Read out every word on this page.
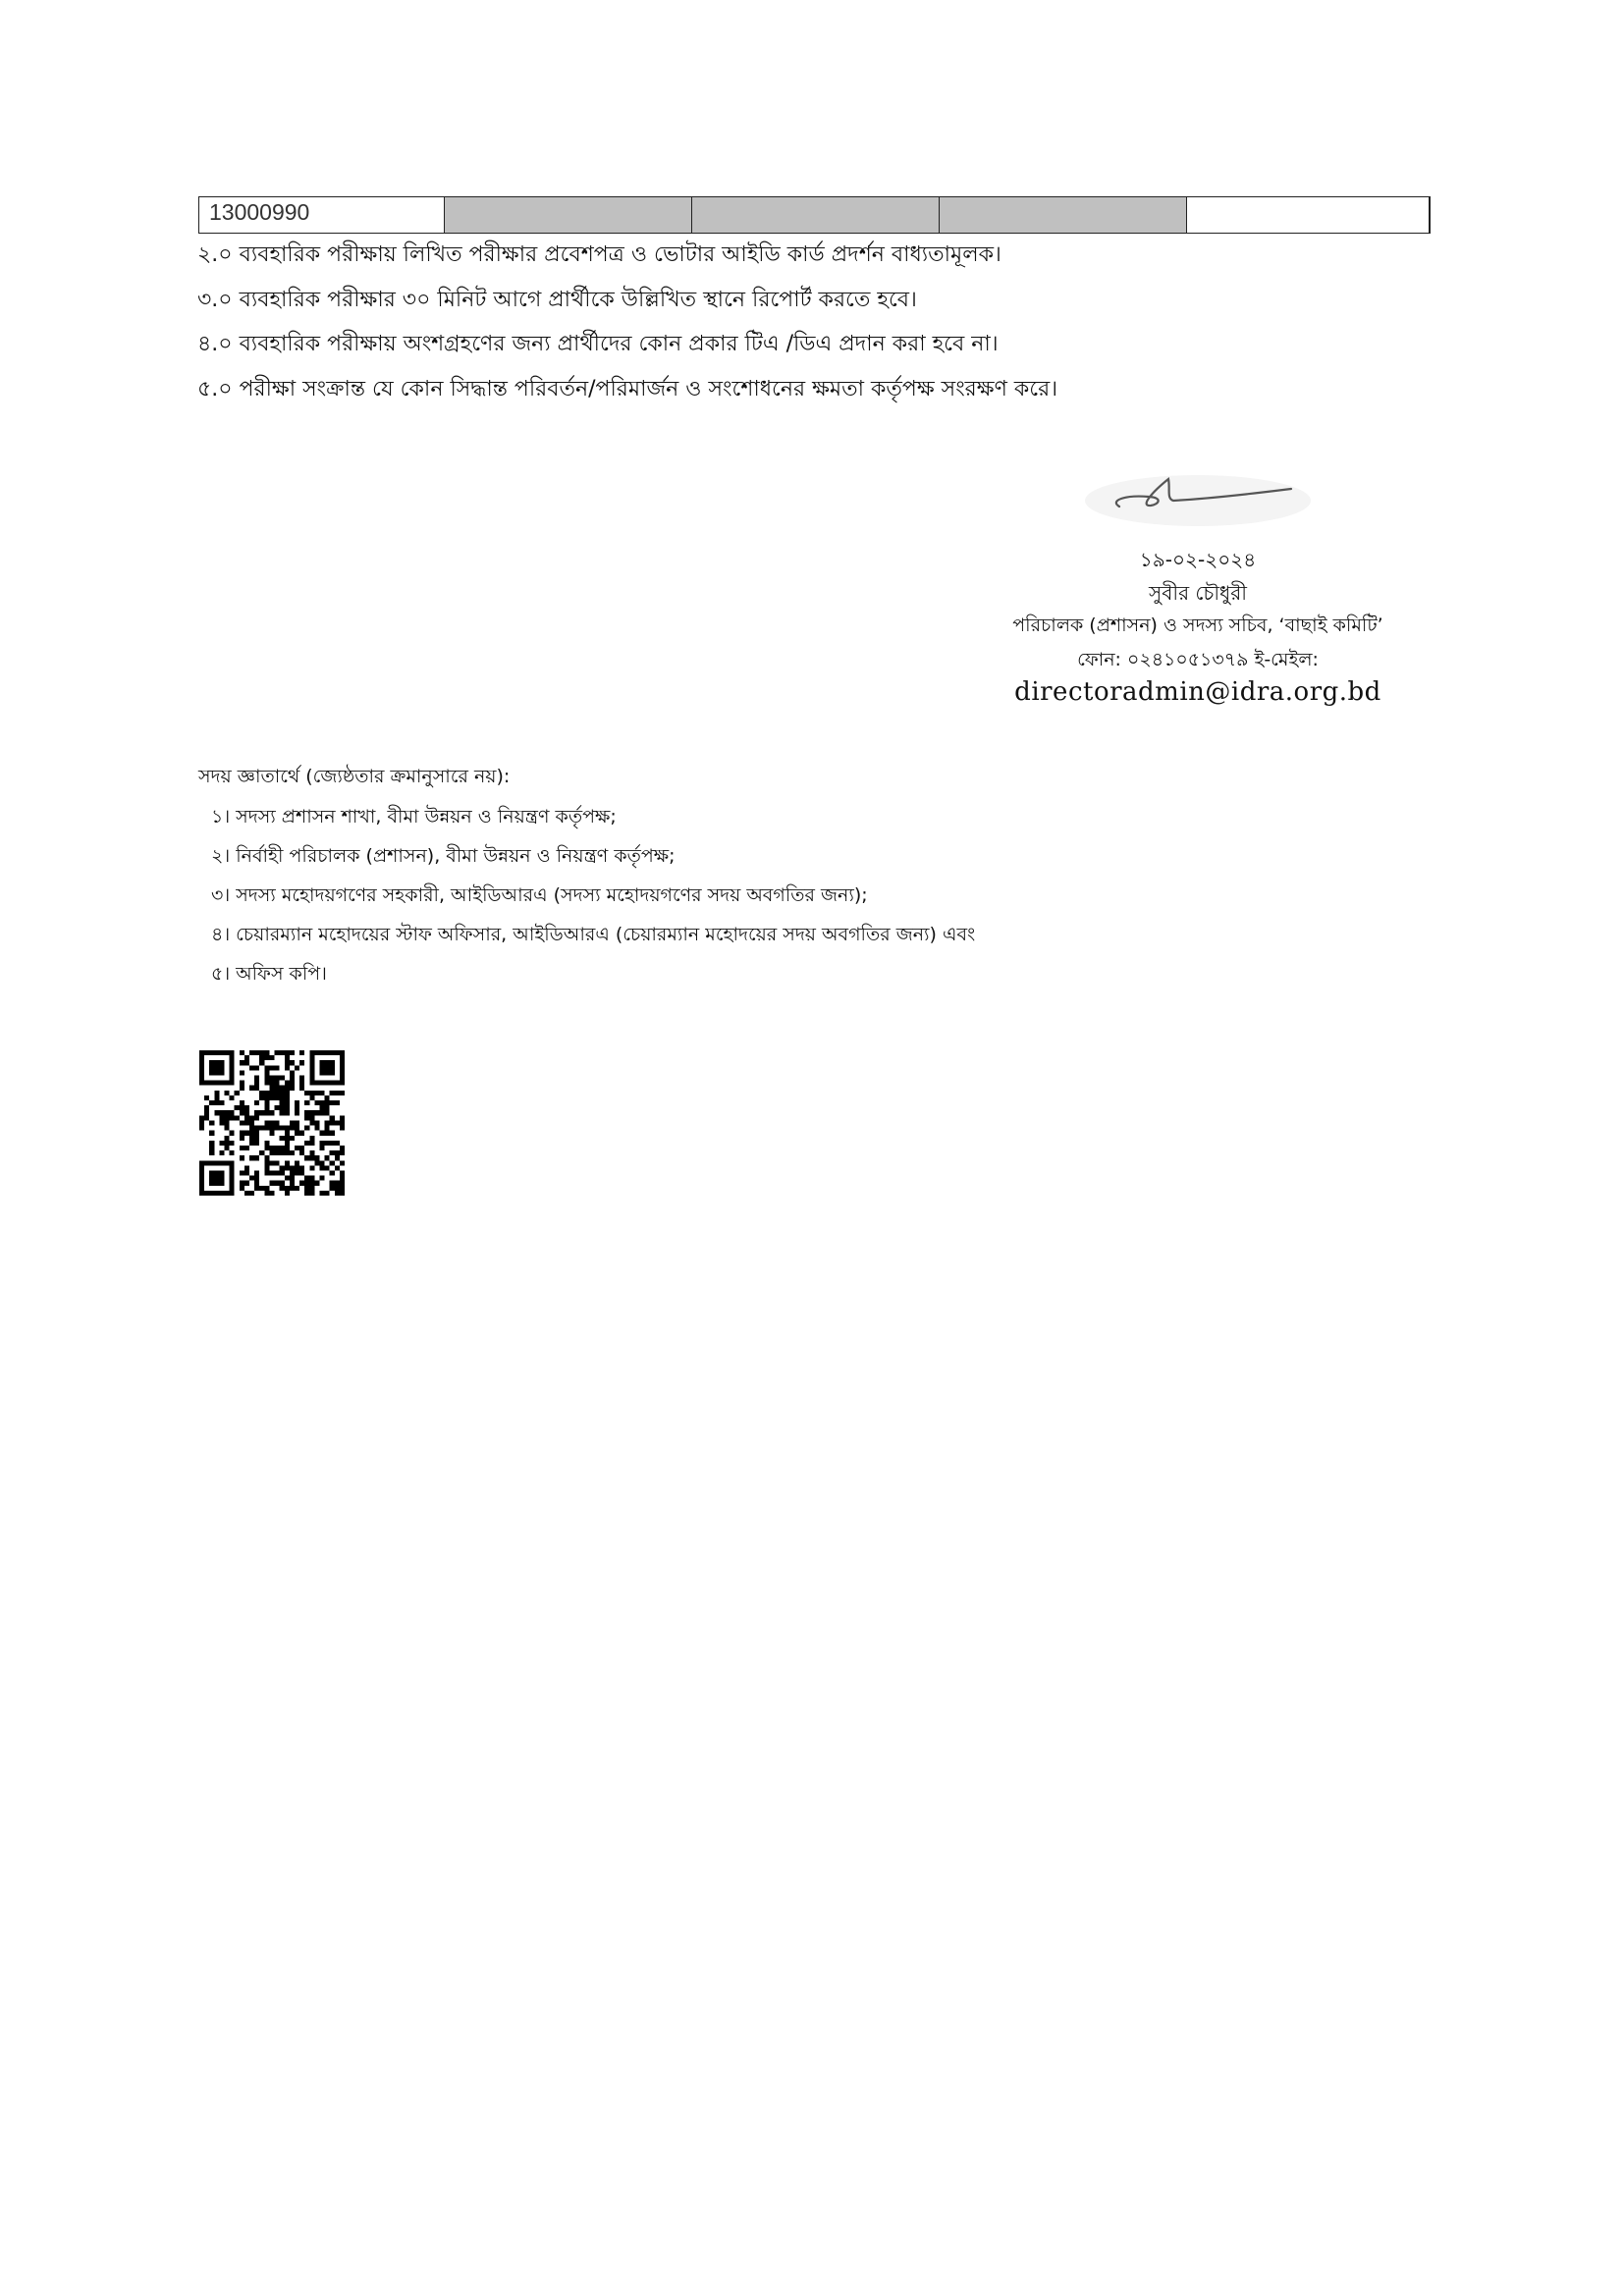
13000990
২.০ ব্যবহারিক পরীক্ষায় লিখিত পরীক্ষার প্রবেশপত্র ও ভোটার আইডি কার্ড প্রদর্শন বাধ্যতামূলক।
৩.০ ব্যবহারিক পরীক্ষার ৩০ মিনিট আগে প্রার্থীকে উল্লিখিত স্থানে রিপোর্ট করতে হবে।
৪.০ ব্যবহারিক পরীক্ষায় অংশগ্রহণের জন্য প্রার্থীদের কোন প্রকার টিএ /ডিএ প্রদান করা হবে না।
৫.০ পরীক্ষা সংক্রান্ত যে কোন সিদ্ধান্ত পরিবর্তন/পরিমার্জন ও সংশোধনের ক্ষমতা কর্তৃপক্ষ সংরক্ষণ করে।
১৯-০২-২০২৪
সুবীর চৌধুরী
পরিচালক (প্রশাসন) ও সদস্য সচিব, ‘বাছাই কমিটি’
ফোন: ০২৪১০৫১৩৭৯ ই-মেইল:
directoradmin@idra.org.bd
সদয় জ্ঞাতার্থে (জ্যেষ্ঠতার ক্রমানুসারে নয়):
১। সদস্য প্রশাসন শাখা, বীমা উন্নয়ন ও নিয়ন্ত্রণ কর্তৃপক্ষ;
২। নির্বাহী পরিচালক (প্রশাসন), বীমা উন্নয়ন ও নিয়ন্ত্রণ কর্তৃপক্ষ;
৩। সদস্য মহোদয়গণের সহকারী, আইডিআরএ (সদস্য মহোদয়গণের সদয় অবগতির জন্য);
৪। চেয়ারম্যান মহোদয়ের স্টাফ অফিসার, আইডিআরএ (চেয়ারম্যান মহোদয়ের সদয় অবগতির জন্য) এবং
৫। অফিস কপি।
